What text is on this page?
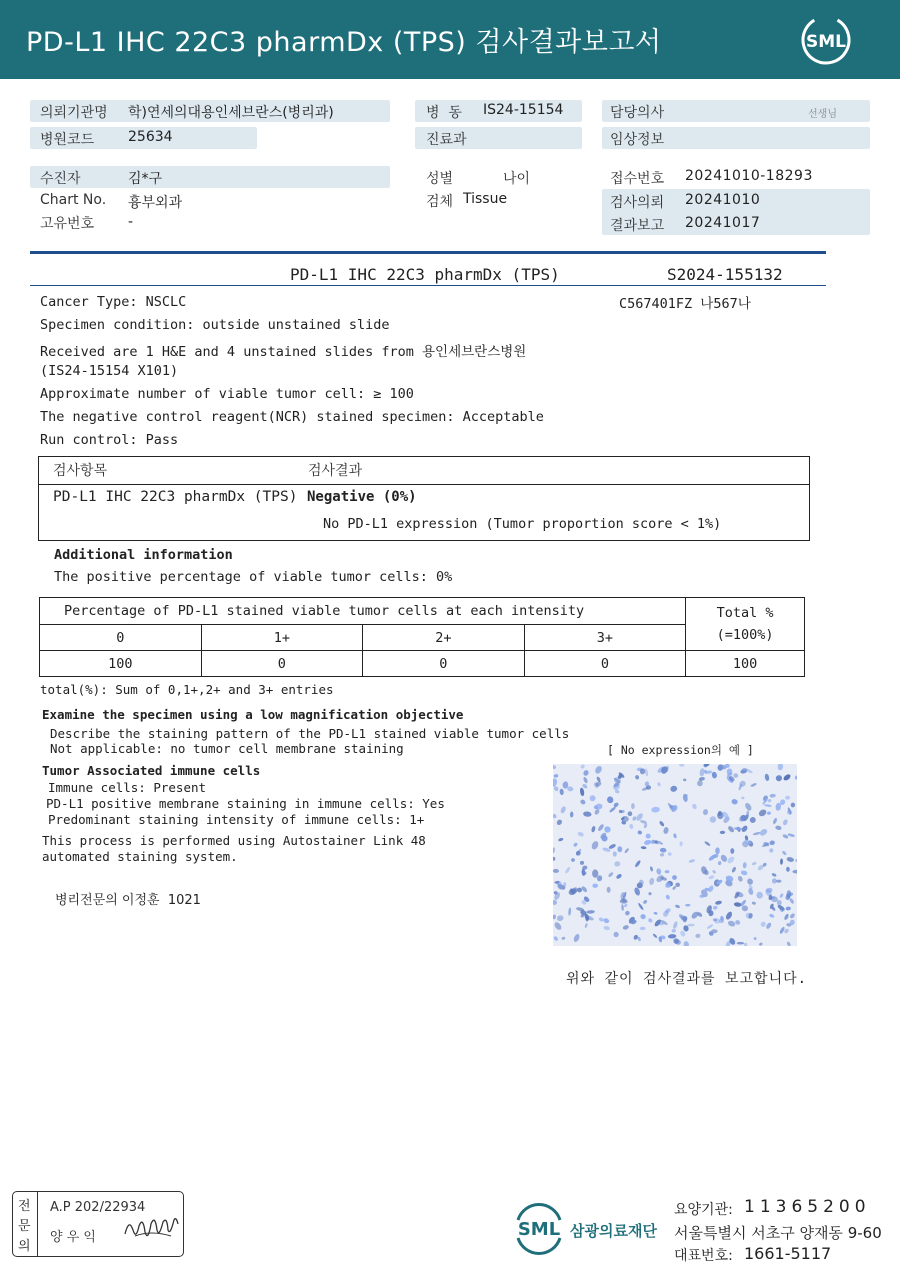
PD-L1 IHC 22C3 pharmDx (TPS) 검사결과보고서	SML
의뢰기관명 학)연세의대용인세브란스(병리과)	병  동 IS24-15154	담당의사	선생님
병원코드 25634	진료과	임상정보
수진자	김*구	성별	나이	접수번호 20241010-18293
Chart No. 흉부외과	검체 Tissue	검사의뢰 20241010
고유번호 -	결과보고 20241017
PD-L1 IHC 22C3 pharmDx (TPS)	S2024-155132
C567401FZ 나567나
Cancer Type: NSCLC
Specimen condition: outside unstained slide
Received are 1 H&E and 4 unstained slides from 용인세브란스병원
(IS24-15154 X101)
Approximate number of viable tumor cell: ≥ 100
The negative control reagent(NCR) stained specimen: Acceptable
Run control: Pass
검사항목	검사결과
PD-L1 IHC 22C3 pharmDx (TPS) Negative (0%)
No PD-L1 expression (Tumor proportion score < 1%)
Additional information
The positive percentage of viable tumor cells: 0%
Percentage of PD-L1 stained viable tumor cells at each intensity				Total %
(=100%)

0	1+	2+	3+	
100	0	0	0	100
total(%): Sum of 0,1+,2+ and 3+ entries
Examine the specimen using a low magnification objective
Describe the staining pattern of the PD-L1 stained viable tumor cells
Not applicable: no tumor cell membrane staining	[ No expression의 예 ]
Tumor Associated immune cells
Immune cells: Present
PD-L1 positive membrane staining in immune cells: Yes
Predominant staining intensity of immune cells: 1+
This process is performed using Autostainer Link 48
automated staining system.
병리전문의 이정훈  1021
위와 같이 검사결과를 보고합니다.
전
문
의
A.P 202/22934
양 우 익	SML 삼광의료재단
요양기관: 11365200
서울특별시 서초구 양재동 9-60
대표번호: 1661-5117
